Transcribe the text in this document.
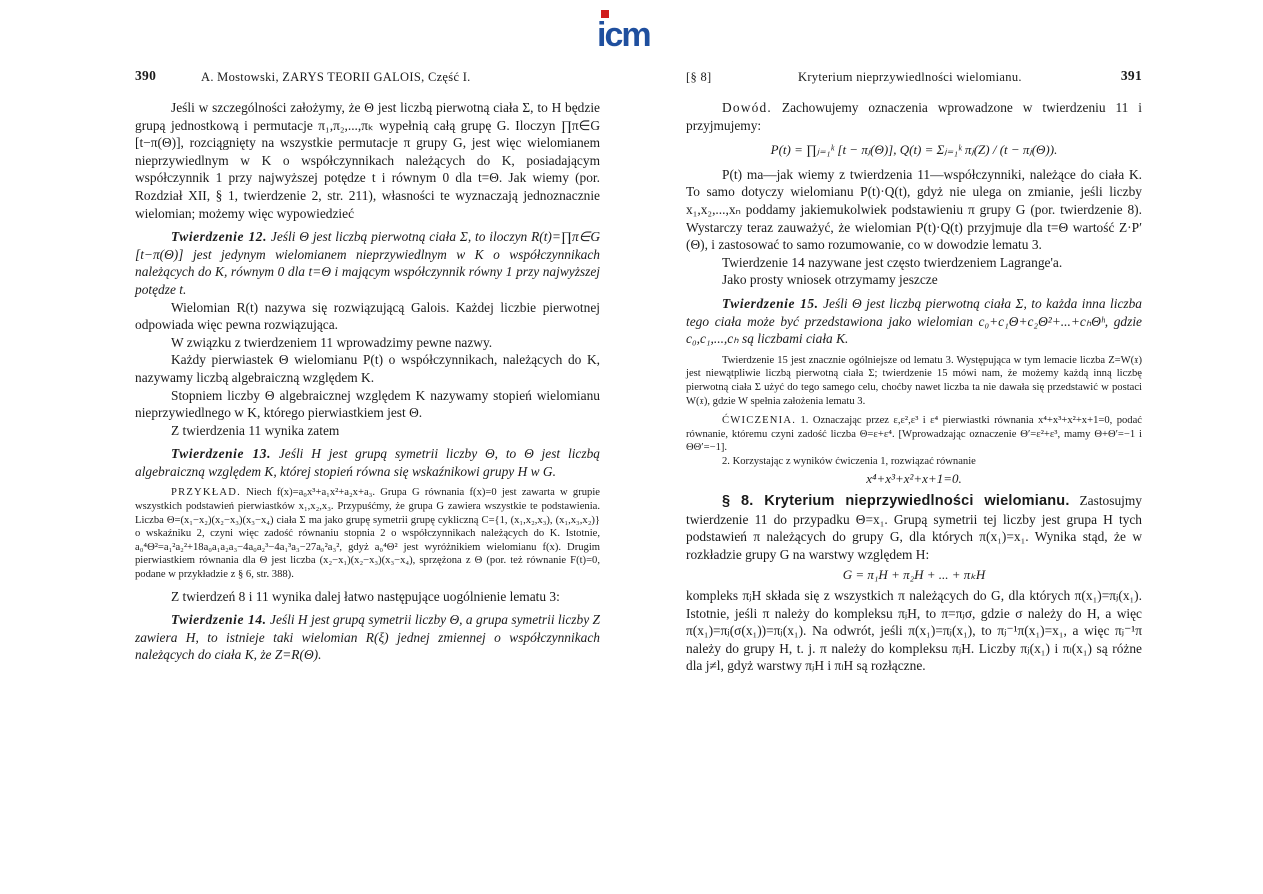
icm
390	A. Mostowski, ZARYS TEORII GALOIS, Część I.

Jeśli w szczególności założymy, że Θ jest liczbą pierwotną ciała Σ, to H będzie grupą jednostkową i permutacje π₁,π₂,...,πₖ wypełnią całą grupę G. Iloczyn ∏π∈G [t−π(Θ)], rozciągnięty na wszystkie permutacje π grupy G, jest więc wielomianem nieprzywiedlnym w K o współczynnikach należących do K, posiadającym współczynnik 1 przy najwyższej potędze t i równym 0 dla t=Θ. Jak wiemy (por. Rozdział XII, § 1, twierdzenie 2, str. 211), własności te wyznaczają jednoznacznie wielomian; możemy więc wypowiedzieć

Twierdzenie 12. Jeśli Θ jest liczbą pierwotną ciała Σ, to iloczyn R(t)=∏π∈G [t−π(Θ)] jest jedynym wielomianem nieprzywiedlnym w K o współczynnikach należących do K, równym 0 dla t=Θ i mającym współczynnik równy 1 przy najwyższej potędze t.

Wielomian R(t) nazywa się rozwiązującą Galois. Każdej liczbie pierwotnej odpowiada więc pewna rozwiązująca.

W związku z twierdzeniem 11 wprowadzimy pewne nazwy.

Każdy pierwiastek Θ wielomianu P(t) o współczynnikach, należących do K, nazywamy liczbą algebraiczną względem K.

Stopniem liczby Θ algebraicznej względem K nazywamy stopień wielomianu nieprzywiedlnego w K, którego pierwiastkiem jest Θ.

Z twierdzenia 11 wynika zatem

Twierdzenie 13. Jeśli H jest grupą symetrii liczby Θ, to Θ jest liczbą algebraiczną względem K, której stopień równa się wskaźnikowi grupy H w G.

PRZYKŁAD. Niech f(x)=a₀x³+a₁x²+a₂x+a₃. Grupa G równania f(x)=0 jest zawarta w grupie wszystkich podstawień pierwiastków x₁,x₂,x₃. Przypuśćmy, że grupa G zawiera wszystkie te podstawienia. Liczba Θ=(x₁−x₂)(x₂−x₃)(x₃−x₄) ciała Σ ma jako grupę symetrii grupę cykliczną C={1, (x₁,x₂,x₃), (x₁,x₃,x₂)} o wskaźniku 2, czyni więc zadość równaniu stopnia 2 o współczynnikach należących do K. Istotnie, a₀⁴Θ²=a₁²a₂²+18a₀a₁a₂a₃−4a₀a₂³−4a₁³a₃−27a₀²a₃², gdyż a₀⁴Θ² jest wyróżnikiem wielomianu f(x). Drugim pierwiastkiem równania dla Θ jest liczba (x₂−x₁)(x₂−x₃)(x₃−x₄), sprzężona z Θ (por. też równanie F(t)=0, podane w przykładzie z § 6, str. 388).

Z twierdzeń 8 i 11 wynika dalej łatwo następujące uogólnienie lematu 3:

Twierdzenie 14. Jeśli H jest grupą symetrii liczby Θ, a grupa symetrii liczby Z zawiera H, to istnieje taki wielomian R(ξ) jednej zmiennej o współczynnikach należących do ciała K, że Z=R(Θ).

[§ 8]	Kryterium nieprzywiedlności wielomianu.	391

Dowód. Zachowujemy oznaczenia wprowadzone w twierdzeniu 11 i przyjmujemy:

P(t) = ∏ⱼ₌₁ᵏ [t − πⱼ(Θ)], Q(t) = Σⱼ₌₁ᵏ πⱼ(Z) / (t − πⱼ(Θ)).

P(t) ma—jak wiemy z twierdzenia 11—współczynniki, należące do ciała K. To samo dotyczy wielomianu P(t)·Q(t), gdyż nie ulega on zmianie, jeśli liczby x₁,x₂,...,xₙ poddamy jakiemukolwiek podstawieniu π grupy G (por. twierdzenie 8). Wystarczy teraz zauważyć, że wielomian P(t)·Q(t) przyjmuje dla t=Θ wartość Z·P′(Θ), i zastosować to samo rozumowanie, co w dowodzie lematu 3.

Twierdzenie 14 nazywane jest często twierdzeniem Lagrange'a.

Jako prosty wniosek otrzymamy jeszcze

Twierdzenie 15. Jeśli Θ jest liczbą pierwotną ciała Σ, to każda inna liczba tego ciała może być przedstawiona jako wielomian c₀+c₁Θ+c₂Θ²+...+cₕΘʰ, gdzie c₀,c₁,...,cₕ są liczbami ciała K.

Twierdzenie 15 jest znacznie ogólniejsze od lematu 3. Występująca w tym lemacie liczba Z=W(𝔵) jest niewątpliwie liczbą pierwotną ciała Σ; twierdzenie 15 mówi nam, że możemy każdą inną liczbę pierwotną ciała Σ użyć do tego samego celu, choćby nawet liczba ta nie dawała się przedstawić w postaci W(𝔵), gdzie W spełnia założenia lematu 3.

ĆWICZENIA. 1. Oznaczając przez ε,ε²,ε³ i ε⁴ pierwiastki równania x⁴+x³+x²+x+1=0, podać równanie, któremu czyni zadość liczba Θ=ε+ε⁴. [Wprowadzając oznaczenie Θ′=ε²+ε³, mamy Θ+Θ′=−1 i ΘΘ′=−1].

2. Korzystając z wyników ćwiczenia 1, rozwiązać równanie

x⁴+x³+x²+x+1=0.

§ 8. Kryterium nieprzywiedlności wielomianu. Zastosujmy twierdzenie 11 do przypadku Θ=x₁. Grupą symetrii tej liczby jest grupa H tych podstawień π należących do grupy G, dla których π(x₁)=x₁. Wynika stąd, że w rozkładzie grupy G na warstwy względem H:

G = π₁H + π₂H + ... + πₖH

kompleks πⱼH składa się z wszystkich π należących do G, dla których π(x₁)=πⱼ(x₁). Istotnie, jeśli π należy do kompleksu πⱼH, to π=πⱼσ, gdzie σ należy do H, a więc π(x₁)=πⱼ(σ(x₁))=πⱼ(x₁). Na odwrót, jeśli π(x₁)=πⱼ(x₁), to πⱼ⁻¹π(x₁)=x₁, a więc πⱼ⁻¹π należy do grupy H, t. j. π należy do kompleksu πⱼH. Liczby πⱼ(x₁) i πₗ(x₁) są różne dla j≠l, gdyż warstwy πⱼH i πₗH są rozłączne.
